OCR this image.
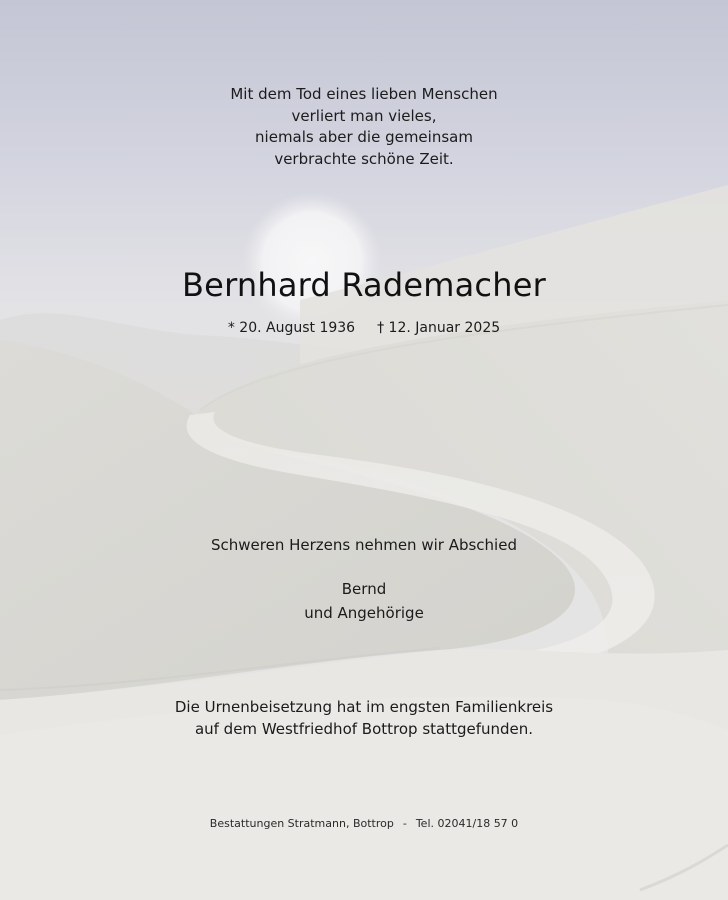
Mit dem Tod eines lieben Menschen
verliert man vieles,
niemals aber die gemeinsam
verbrachte schöne Zeit.
Bernhard Rademacher
* 20. August 1936 † 12. Januar 2025
Schweren Herzens nehmen wir Abschied
Bernd
und Angehörige
Die Urnenbeisetzung hat im engsten Familienkreis
auf dem Westfriedhof Bottrop stattgefunden.
Bestattungen Stratmann, Bottrop - Tel. 02041/18 57 0
